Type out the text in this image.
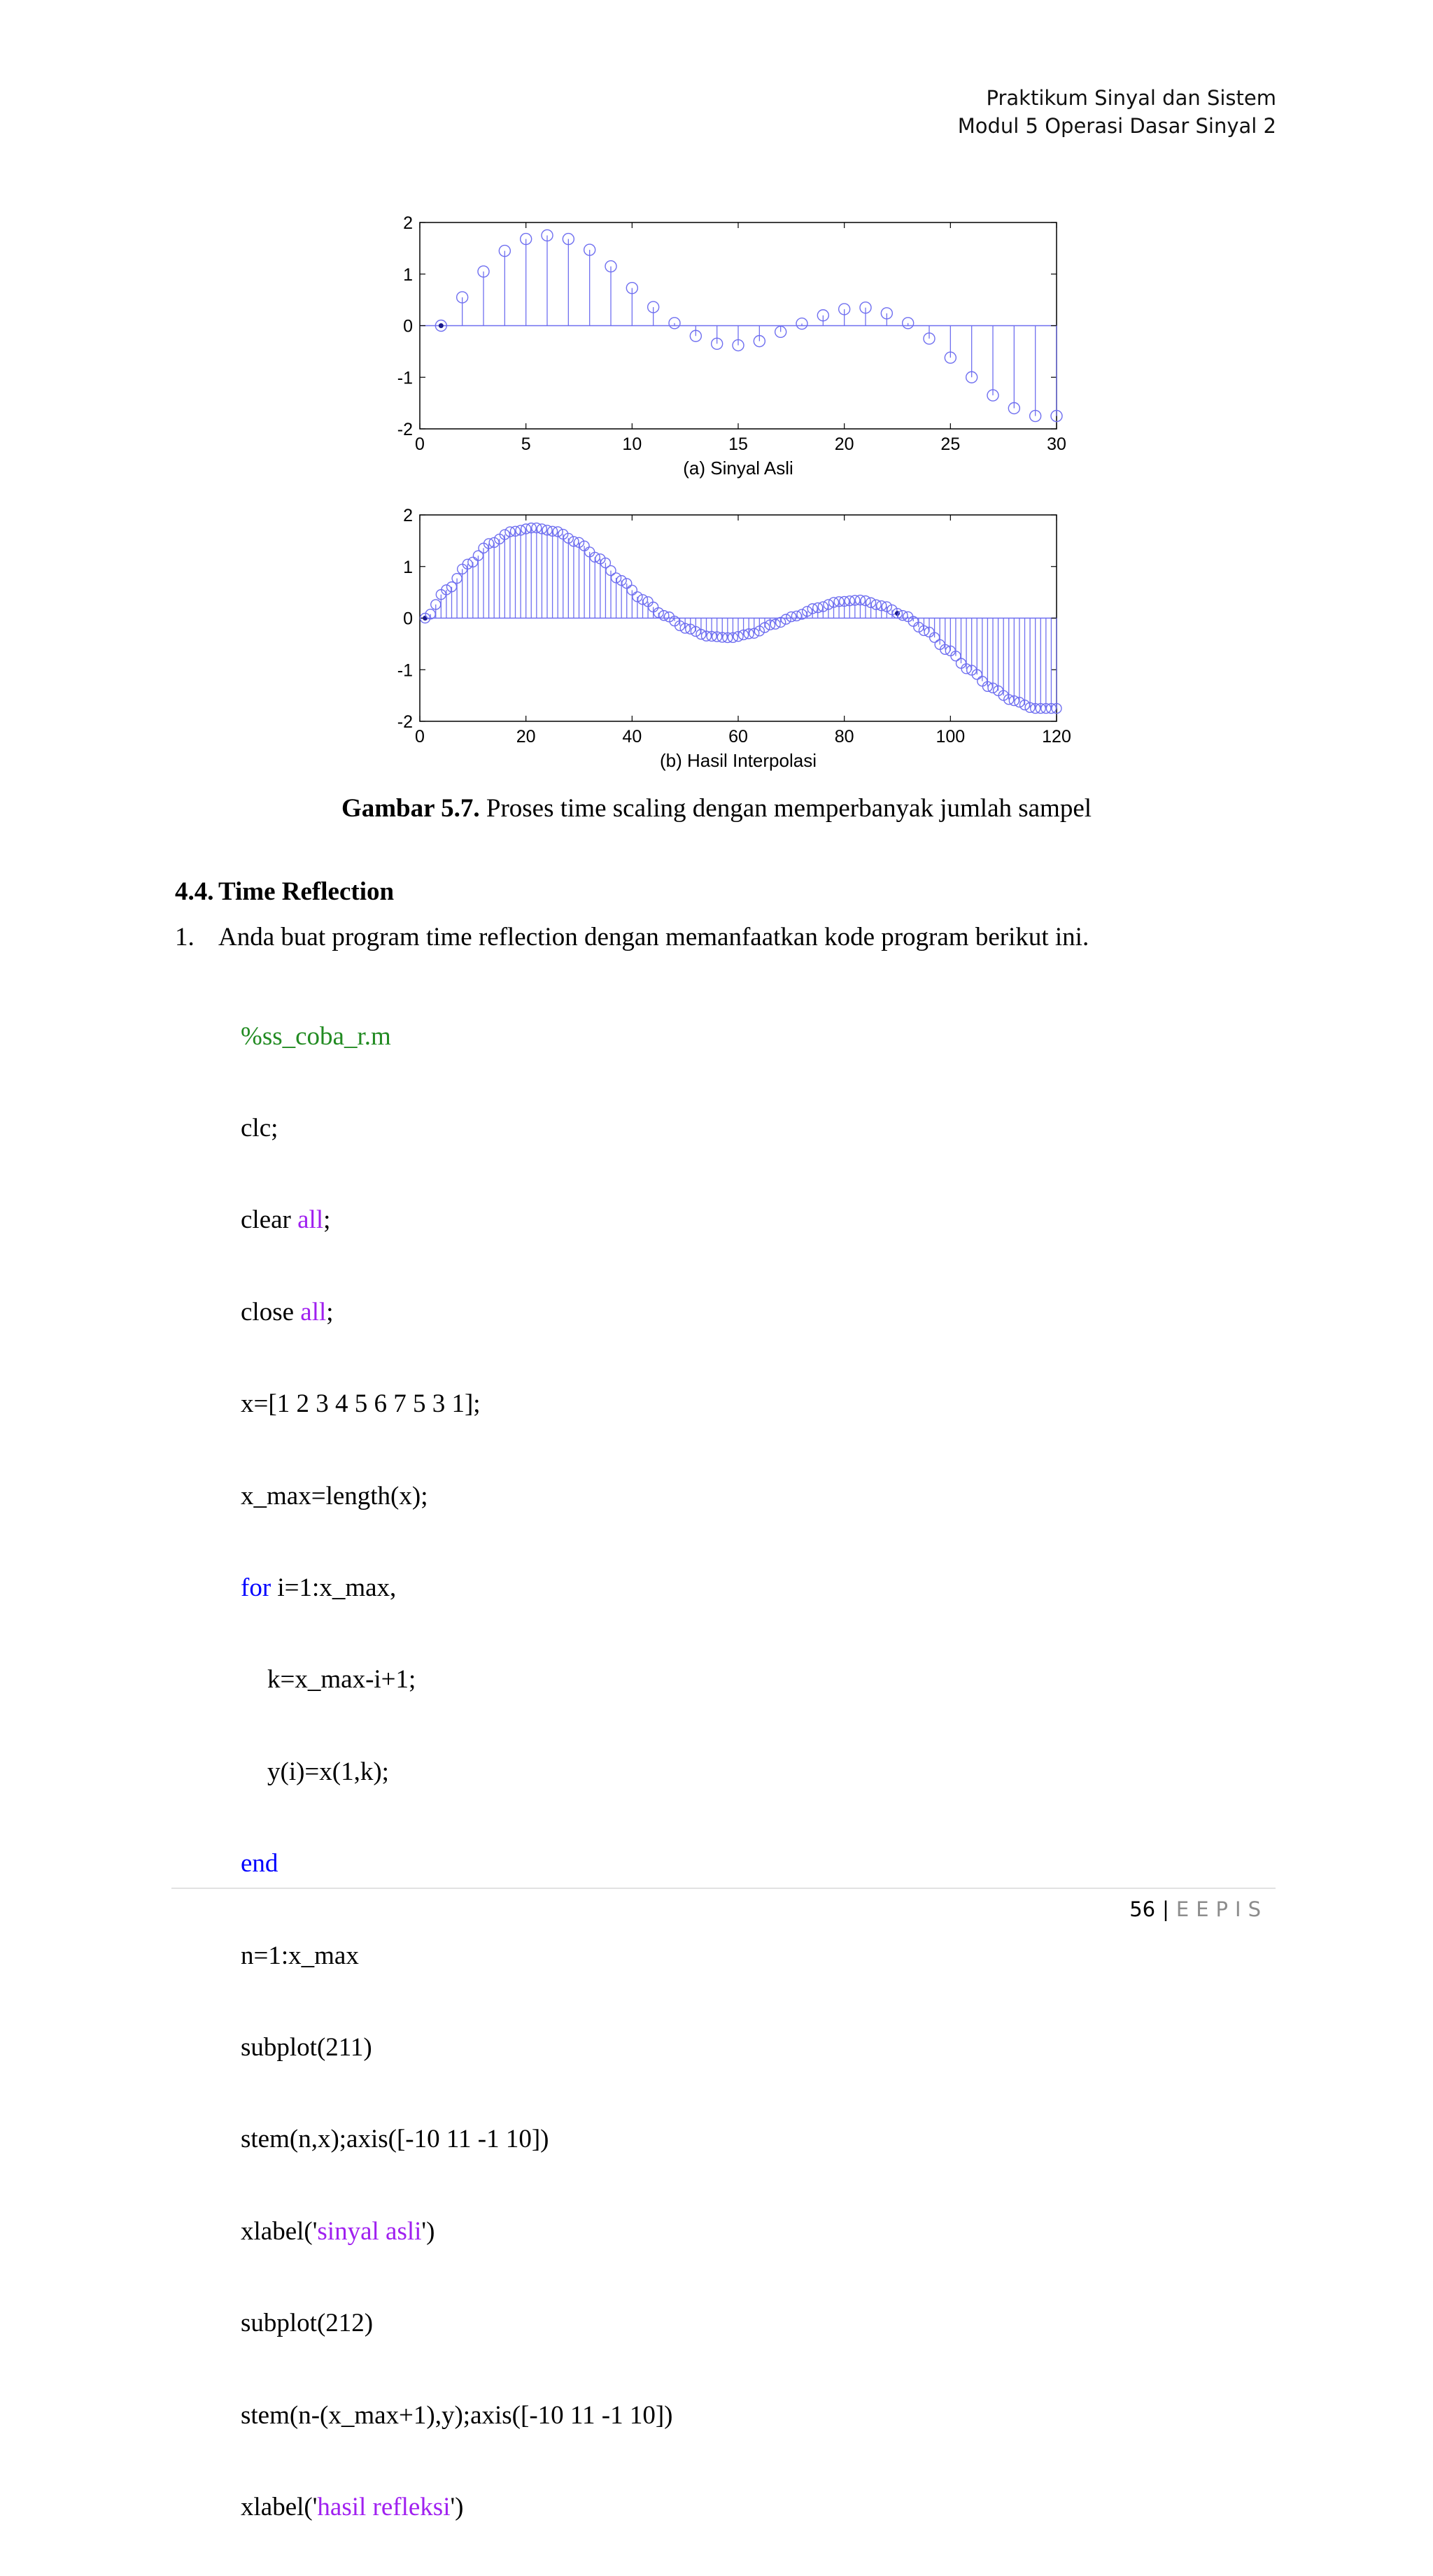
Praktikum Sinyal dan Sistem
Modul 5 Operasi Dasar Sinyal 2
0	5	10	15	20	25	30
2
1
0
-1
-2
(a) Sinyal Asli
0	20	40	60	80	100	120
2
1
0
-1
-2
(b) Hasil Interpolasi
Gambar 5.7. Proses time scaling dengan memperbanyak jumlah sampel
4.4. Time Reflection
1. Anda buat program time reflection dengan memanfaatkan kode program berikut ini.

%ss_coba_r.m

clc;

clear all;

close all;

x=[1 2 3 4 5 6 7 5 3 1];

x_max=length(x);

for i=1:x_max,

k=x_max-i+1;

y(i)=x(1,k);

end

n=1:x_max

subplot(211)

stem(n,x);axis([-10 11 -1 10])

xlabel('sinyal asli')

subplot(212)

stem(n-(x_max+1),y);axis([-10 11 -1 10])

xlabel('hasil refleksi')

56 | EEPIS
